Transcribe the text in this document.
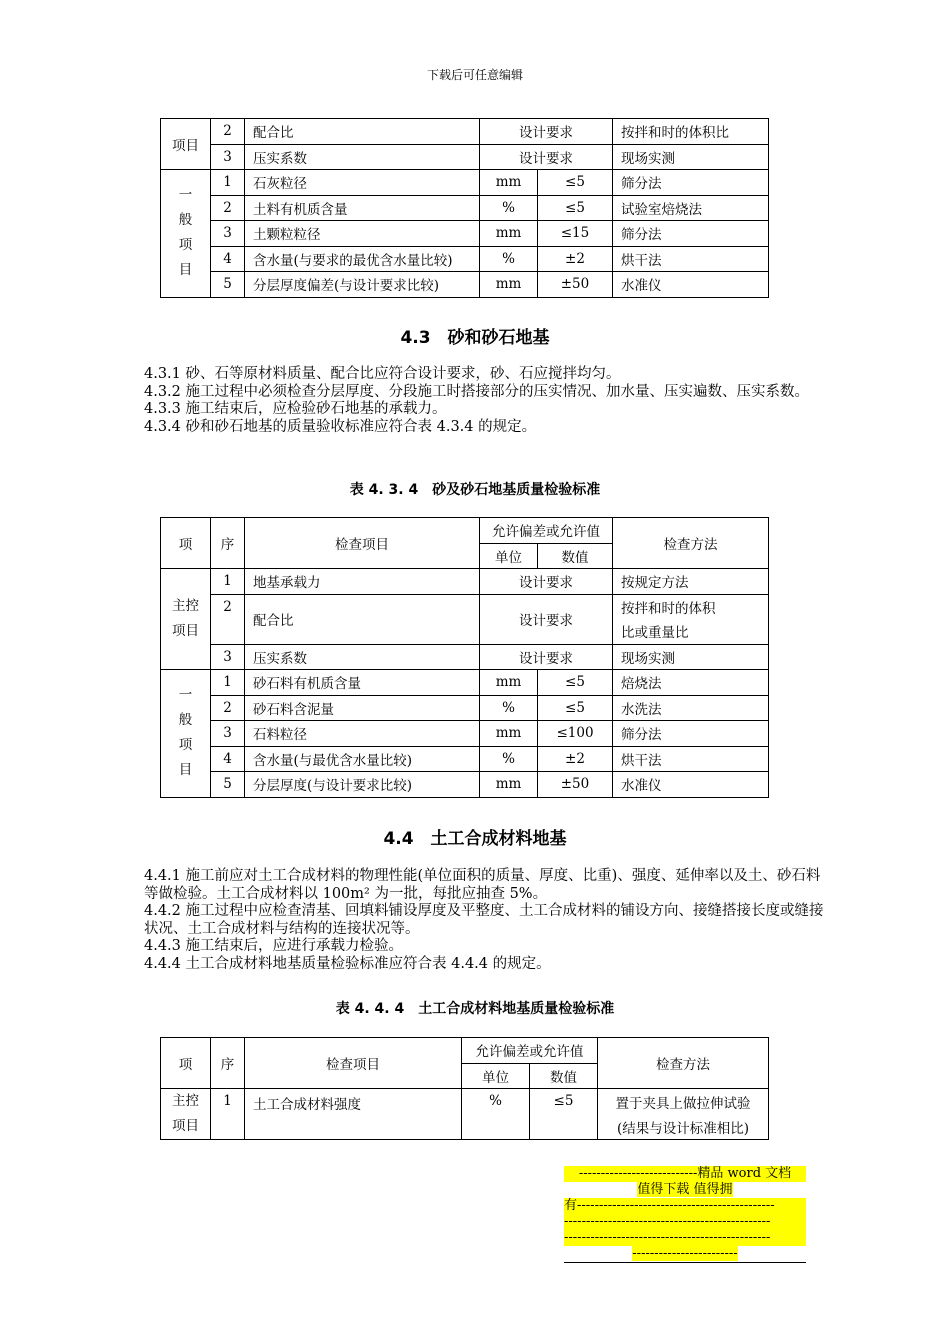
下载后可任意编辑
项目	2	配合比	设计要求		按拌和时的体积比
	3	压实系数	设计要求		现场实测

一
般
项
目	1	石灰粒径	mm	≤5	筛分法
	2	土料有机质含量	%	≤5	试验室焙烧法
	3	土颗粒粒径	mm	≤15	筛分法
	4	含水量(与要求的最优含水量比较)	%	±2	烘干法
	5	分层厚度偏差(与设计要求比较)	mm	±50	水准仪
4.3　砂和砂石地基

4.3.1 砂、石等原材料质量、配合比应符合设计要求，砂、石应搅拌均匀。

4.3.2 施工过程中必须检查分层厚度、分段施工时搭接部分的压实情况、加水量、压实遍数、压实系数。

4.3.3 施工结束后，应检验砂石地基的承载力。

4.3.4 砂和砂石地基的质量验收标准应符合表 4.3.4 的规定。

表 4. 3. 4　砂及砂石地基质量检验标准
项	序	检查项目	允许偏差或允许值		检查方法
			单位	数值	

主控
项目	1	地基承载力	设计要求		按规定方法
	2	配合比	设计要求		按拌和时的体积
					比或重量比
	3	压实系数	设计要求		现场实测

一
般
项
目	1	砂石料有机质含量	mm	≤5	焙烧法
	2	砂石料含泥量	%	≤5	水洗法
	3	石料粒径	mm	≤100	筛分法
	4	含水量(与最优含水量比较)	%	±2	烘干法
	5	分层厚度(与设计要求比较)	mm	±50	水准仪
4.4　土工合成材料地基

4.4.1 施工前应对土工合成材料的物理性能(单位面积的质量、厚度、比重)、强度、延伸率以及土、砂石料等做检验。土工合成材料以 100m² 为一批，每批应抽查 5%。

4.4.2 施工过程中应检查清基、回填料铺设厚度及平整度、土工合成材料的铺设方向、接缝搭接长度或缝接状况、土工合成材料与结构的连接状况等。

4.4.3 施工结束后，应进行承载力检验。

4.4.4 土工合成材料地基质量检验标准应符合表 4.4.4 的规定。

表 4. 4. 4　土工合成材料地基质量检验标准
项	序	检查项目	允许偏差或允许值		检查方法
			单位	数值	

主控
项目	1	土工合成材料强度	%	≤5	置于夹具上做拉伸试验
					(结果与设计标准相比)
---------------------------精品 word 文档
值得下载 值得拥
有---------------------------------------------
-----------------------------------------------
-----------------------------------------------
------------------------
